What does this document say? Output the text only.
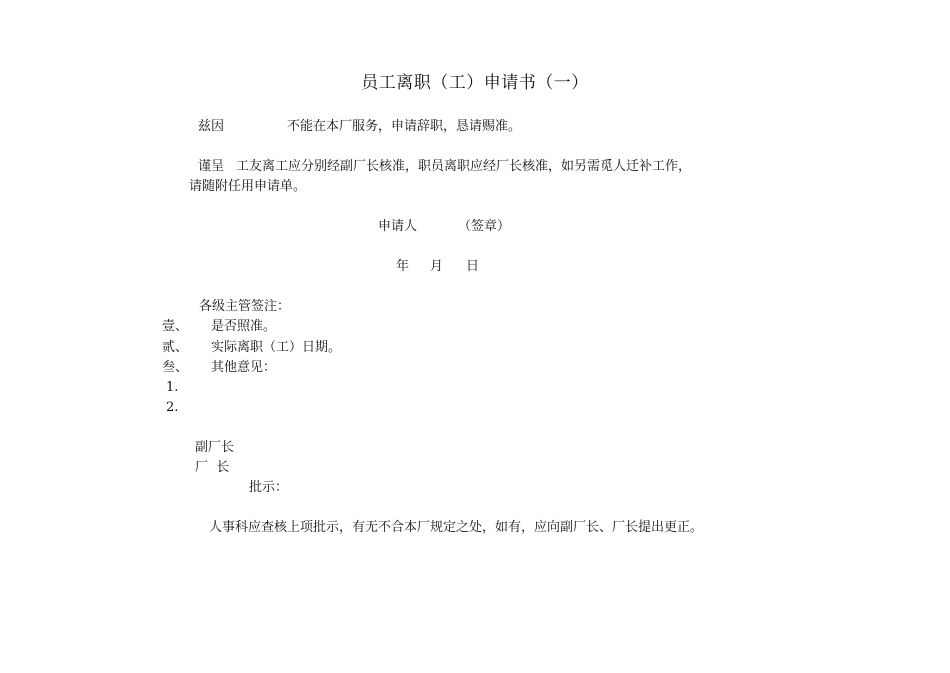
员工离职（工）申请书（一）
兹因	不能在本厂服务，申请辞职，恳请赐准。
谨呈 工友离工应分别经副厂长核准，职员离职应经厂长核准，如另需觅人迁补工作，
请随附任用申请单。
申请人	（签章）
年 月 日
各级主管签注：
壹、 是否照准。
贰、 实际离职（工）日期。
叁、 其他意见：
1.
2.
副厂长
厂  长
批示：
人事科应查核上项批示，有无不合本厂规定之处，如有，应向副厂长、厂长提出更正。
